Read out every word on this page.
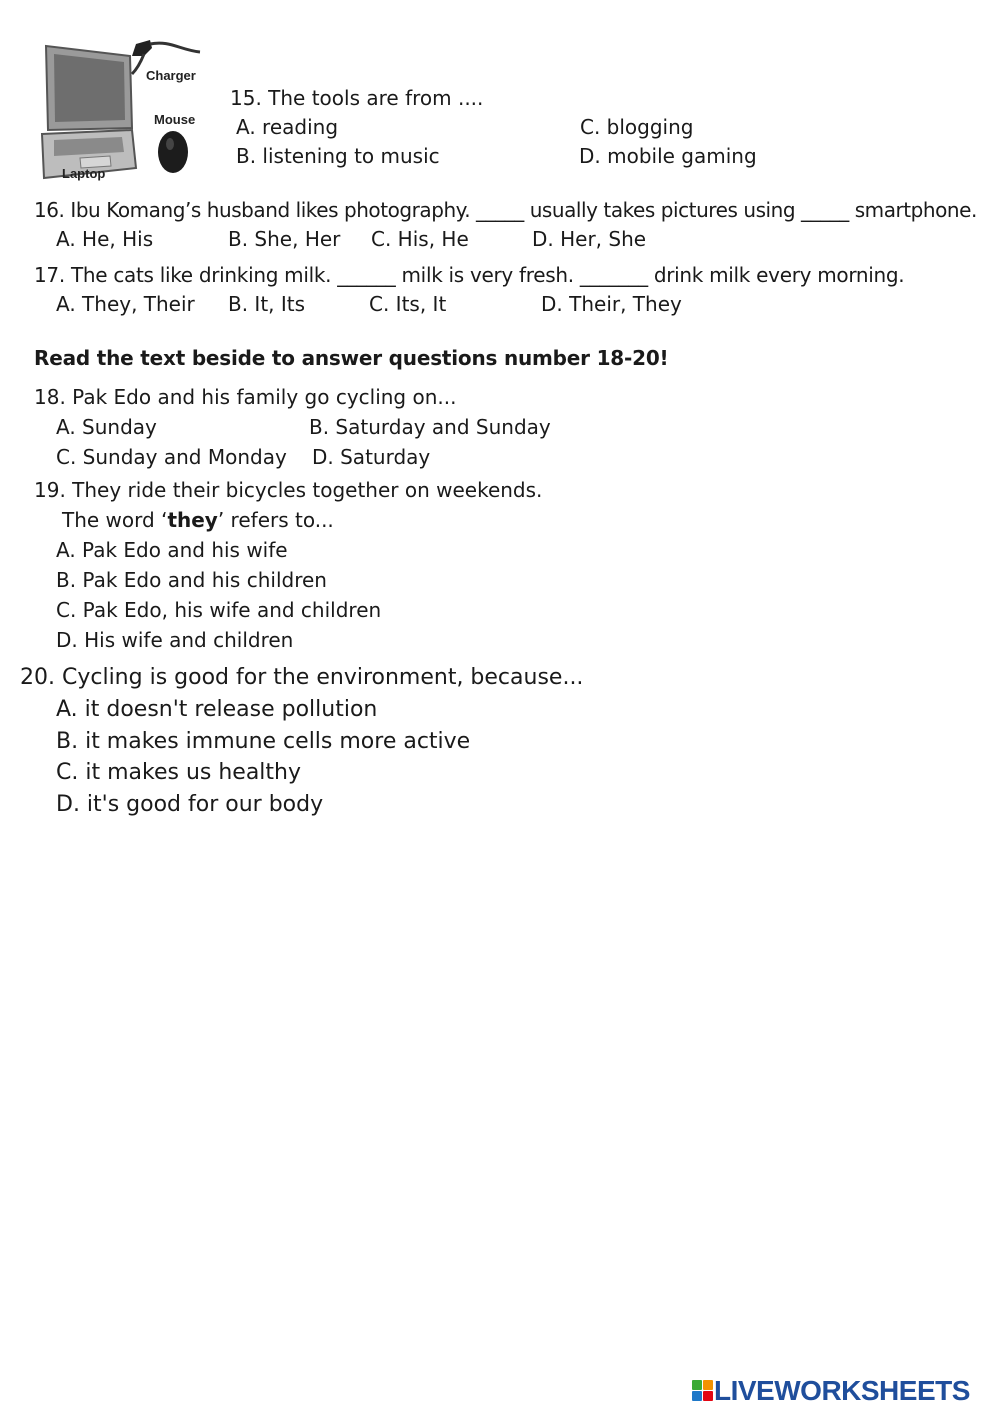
Charger
Mouse
Laptop
15. The tools are from ....
A. reading	C. blogging
B. listening to music	D. mobile gaming
16. Ibu Komang’s husband likes photography. _____ usually takes pictures using _____ smartphone.
A. He, His	B. She, Her C. His, He	D. Her, She
17. The cats like drinking milk. ______ milk is very fresh. _______ drink milk every morning.
A. They, Their B. It, Its	C. Its, It	D. Their, They
Read the text beside to answer questions number 18-20!
18. Pak Edo and his family go cycling on...
A. Sunday	B. Saturday and Sunday
C. Sunday and Monday D. Saturday
19. They ride their bicycles together on weekends.
The word ‘they’ refers to...
A. Pak Edo and his wife
B. Pak Edo and his children
C. Pak Edo, his wife and children
D. His wife and children
20. Cycling is good for the environment, because...
A. it doesn't release pollution
B. it makes immune cells more active
C. it makes us healthy
D. it's good for our body
LIVEWORKSHEETS
